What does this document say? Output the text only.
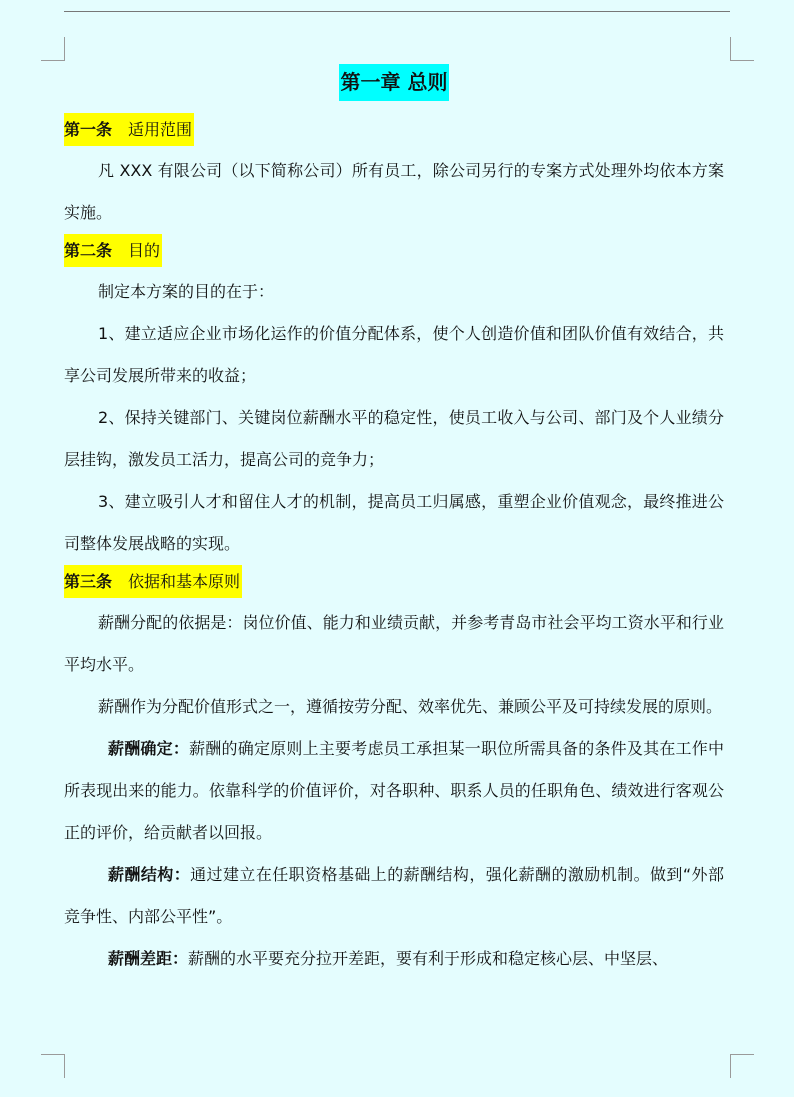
第一章 总则
第一条 适用范围

凡 XXX 有限公司（以下简称公司）所有员工，除公司另行的专案方式处理外均依本方案实施。

第二条 目的

制定本方案的目的在于：

1、建立适应企业市场化运作的价值分配体系，使个人创造价值和团队价值有效结合，共享公司发展所带来的收益；

2、保持关键部门、关键岗位薪酬水平的稳定性，使员工收入与公司、部门及个人业绩分层挂钩，激发员工活力，提高公司的竞争力；

3、建立吸引人才和留住人才的机制，提高员工归属感，重塑企业价值观念，最终推进公司整体发展战略的实现。

第三条 依据和基本原则

薪酬分配的依据是：岗位价值、能力和业绩贡献，并参考青岛市社会平均工资水平和行业平均水平。

薪酬作为分配价值形式之一，遵循按劳分配、效率优先、兼顾公平及可持续发展的原则。

薪酬确定：薪酬的确定原则上主要考虑员工承担某一职位所需具备的条件及其在工作中所表现出来的能力。依靠科学的价值评价，对各职种、职系人员的任职角色、绩效进行客观公正的评价，给贡献者以回报。

薪酬结构：通过建立在任职资格基础上的薪酬结构，强化薪酬的激励机制。做到“外部竞争性、内部公平性”。

薪酬差距：薪酬的水平要充分拉开差距，要有利于形成和稳定核心层、中坚层、
